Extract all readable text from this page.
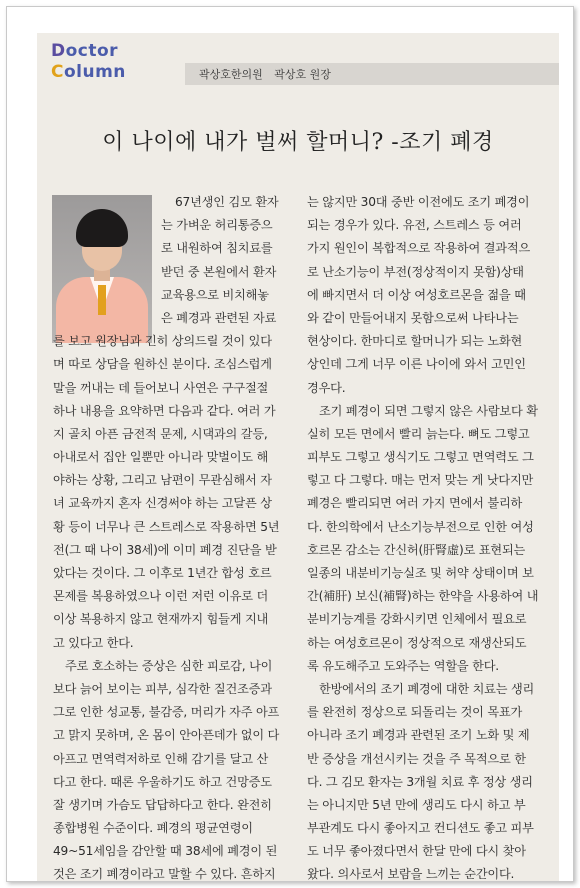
Doctor
Column	곽상호한의원 곽상호 원장
이 나이에 내가 벌써 할머니? -조기 폐경
67년생인 김모 환자
는 가벼운 허리통증으
로 내원하여 침치료를
받던 중 본원에서 환자
교육용으로 비치해놓
은 폐경과 관련된 자료
를 보고 원장님과 긴히 상의드릴 것이 있다
며 따로 상담을 원하신 분이다. 조심스럽게
말을 꺼내는 데 들어보니 사연은 구구절절
하나 내용을 요약하면 다음과 같다. 여러 가
지 골치 아픈 금전적 문제, 시댁과의 갈등,
아내로서 집안 일뿐만 아니라 맞벌이도 해
야하는 상황, 그리고 남편이 무관심해서 자
녀 교육까지 혼자 신경써야 하는 고달픈 상
황 등이 너무나 큰 스트레스로 작용하면 5년
전(그 때 나이 38세)에 이미 폐경 진단을 받
았다는 것이다. 그 이후로 1년간 합성 호르
몬제를 복용하였으나 이런 저런 이유로 더
이상 복용하지 않고 현재까지 힘들게 지내
고 있다고 한다.
주로 호소하는 증상은 심한 피로감, 나이
보다 늙어 보이는 피부, 심각한 질건조증과
그로 인한 성교통, 불감증, 머리가 자주 아프
고 맑지 못하며, 온 몸이 안아픈데가 없이 다
아프고 면역력저하로 인해 감기를 달고 산
다고 한다. 때론 우울하기도 하고 건망증도
잘 생기며 가슴도 답답하다고 한다. 완전히
종합병원 수준이다. 폐경의 평균연령이
49~51세임을 감안할 때 38세에 폐경이 된
것은 조기 폐경이라고 말할 수 있다. 흔하지
는 않지만 30대 중반 이전에도 조기 폐경이
되는 경우가 있다. 유전, 스트레스 등 여러
가지 원인이 복합적으로 작용하여 결과적으
로 난소기능이 부전(정상적이지 못함)상태
에 빠지면서 더 이상 여성호르몬을 젊을 때
와 같이 만들어내지 못함으로써 나타나는
현상이다. 한마디로 할머니가 되는 노화현
상인데 그게 너무 이른 나이에 와서 고민인
경우다.
조기 폐경이 되면 그렇지 않은 사람보다 확
실히 모든 면에서 빨리 늙는다. 뼈도 그렇고
피부도 그렇고 생식기도 그렇고 면역력도 그
렇고 다 그렇다. 매는 먼저 맞는 게 낫다지만
폐경은 빨리되면 여러 가지 면에서 불리하
다. 한의학에서 난소기능부전으로 인한 여성
호르몬 감소는 간신허(肝腎虛)로 표현되는
일종의 내분비기능실조 및 허약 상태이며 보
간(補肝) 보신(補腎)하는 한약을 사용하여 내
분비기능계를 강화시키면 인체에서 필요로
하는 여성호르몬이 정상적으로 재생산되도
록 유도해주고 도와주는 역할을 한다.
한방에서의 조기 폐경에 대한 치료는 생리
를 완전히 정상으로 되돌리는 것이 목표가
아니라 조기 폐경과 관련된 조기 노화 및 제
반 증상을 개선시키는 것을 주 목적으로 한
다. 그 김모 환자는 3개월 치료 후 정상 생리
는 아니지만 5년 만에 생리도 다시 하고 부
부관계도 다시 좋아지고 컨디션도 좋고 피부
도 너무 좋아졌다면서 한달 만에 다시 찾아
왔다. 의사로서 보람을 느끼는 순간이다.
